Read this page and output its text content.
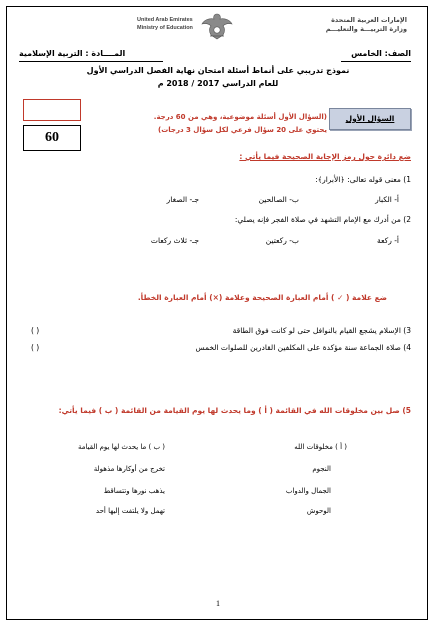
الإمارات العربية المتحدة
وزارة التربيـــة والتعليـــم
United Arab Emirates
Ministry of Education
الصف: الخامس
المــــادة : التربية الإسلامية
نموذج تدريبي على أنماط أسئلة امتحان نهاية الفصل الدراسي الأول
للعام الدراسي 2017 / 2018 م
60
السؤال الأول
(السؤال الأول أسئلة موضوعية، وهي من 60 درجة.
يحتوي على 20 سؤال فرعي لكل سؤال 3 درجات)
ضع دائرة حول رمز الإجابة الصحيحة فيما يأتي :
1) معنى قوله تعالى: ﴿الأبرار﴾:
أ- الكبار
ب- الصالحين
جـ- الصغار
2) من أدرك مع الإمام التشهد في صلاة الفجر فإنه يصلي:
أ- ركعة
ب- ركعتين
جـ- ثلاث ركعات
ضع علامة ( ✓ ) أمام العبارة الصحيحة وعلامة (×) أمام العبارة الخطأ.
3) الإسلام يشجع القيام بالنوافل حتى لو كانت فوق الطاقة
( )
4) صلاة الجماعة سنة مؤكدة على المكلفين القادرين للصلوات الخمس
( )
5) صل بين مخلوقات الله في القائمة ( أ ) وما يحدث لها يوم القيامة من القائمة ( ب ) فيما يأتي:
( أ ) مخلوقات الله
النجوم
الجمال والدواب
الوحوش
( ب ) ما يحدث لها يوم القيامة
تخرج من أوكارها مذهولة
يذهب نورها وتتساقط
تهمل ولا يلتفت إليها أحد
1
